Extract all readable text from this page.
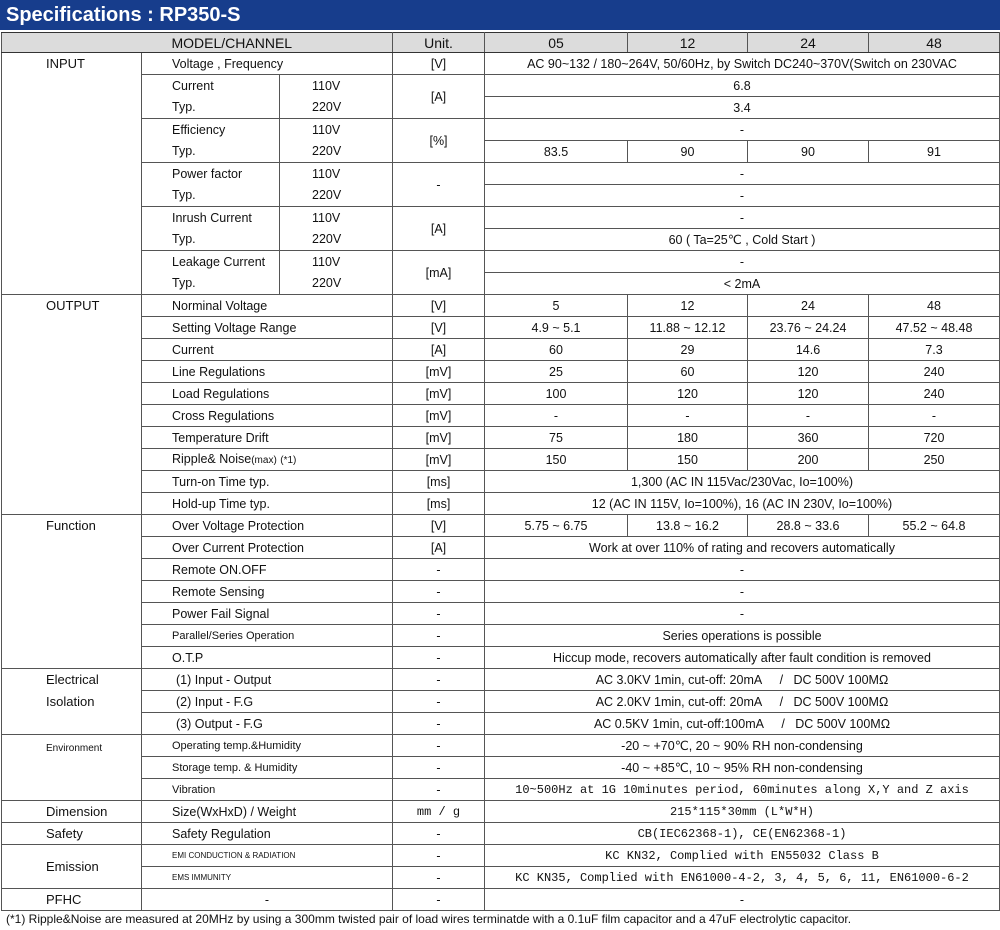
Specifications : RP350-S
	MODEL/CHANNEL		Unit.	05	12	24	48
INPUT	Voltage , Frequency		[V]	AC 90~132 / 180~264V, 50/60Hz, by Switch DC240~370V(Switch on 230VAC			
	Current	110V	[A]	6.8			
	Typ.	220V		3.4			
	Efficiency	110V	[%]	-			
	Typ.	220V		83.5	90	90	91
	Power factor	110V	-	-			
	Typ.	220V		-			
	Inrush Current	110V	[A]	-			
	Typ.	220V		60 ( Ta=25℃ , Cold Start )			
	Leakage Current	110V	[mA]	-			
	Typ.	220V		< 2mA			
OUTPUT	Norminal Voltage		[V]	5	12	24	48
	Setting Voltage Range		[V]	4.9 ~ 5.1	11.88 ~ 12.12	23.76 ~ 24.24	47.52 ~ 48.48
	Current		[A]	60	29	14.6	7.3
	Line Regulations		[mV]	25	60	120	240
	Load Regulations		[mV]	100	120	120	240
	Cross Regulations		[mV]	-	-	-	-
	Temperature Drift		[mV]	75	180	360	720
	Ripple& Noise(max) (*1)		[mV]	150	150	200	250
	Turn-on Time typ.		[ms]	1,300 (AC IN 115Vac/230Vac, Io=100%)			
	Hold-up Time typ.		[ms]	12 (AC IN 115V, Io=100%), 16 (AC IN 230V, Io=100%)			
Function	Over Voltage Protection		[V]	5.75 ~ 6.75	13.8 ~ 16.2	28.8 ~ 33.6	55.2 ~ 64.8
	Over Current Protection		[A]	Work at over 110% of rating and recovers automatically			
	Remote ON.OFF		-	-			
	Remote Sensing		-	-			
	Power Fail Signal		-	-			
	Parallel/Series Operation		-	Series operations is possible			
	O.T.P		-	Hiccup mode, recovers automatically after fault condition is removed			
Electrical
Isolation	(1) Input - Output		-	AC 3.0KV 1min, cut-off: 20mA / DC 500V 100MΩ			
	(2) Input - F.G		-	AC 2.0KV 1min, cut-off: 20mA / DC 500V 100MΩ			
	(3) Output - F.G		-	AC 0.5KV 1min, cut-off:100mA / DC 500V 100MΩ			
Environment	Operating temp.&Humidity		-	-20 ~ +70℃, 20 ~ 90% RH non-condensing			
	Storage temp. & Humidity		-	-40 ~ +85℃, 10 ~ 95% RH non-condensing			
	Vibration		-	10~500Hz at 1G 10minutes period, 60minutes along X,Y and Z axis			
Dimension	Size(WxHxD) / Weight		mm / g	215*115*30mm (L*W*H)			
Safety	Safety Regulation		-	CB(IEC62368-1), CE(EN62368-1)			
Emission	EMI CONDUCTION & RADIATION		-	KC KN32, Complied with EN55032 Class B			
	EMS IMMUNITY		-	KC KN35, Complied with EN61000-4-2, 3, 4, 5, 6, 11, EN61000-6-2			
PFHC	-		-	-			
(*1) Ripple&Noise are measured at 20MHz by using a 300mm twisted pair of load wires terminatde with a 0.1uF film capacitor and a 47uF electrolytic capacitor.
